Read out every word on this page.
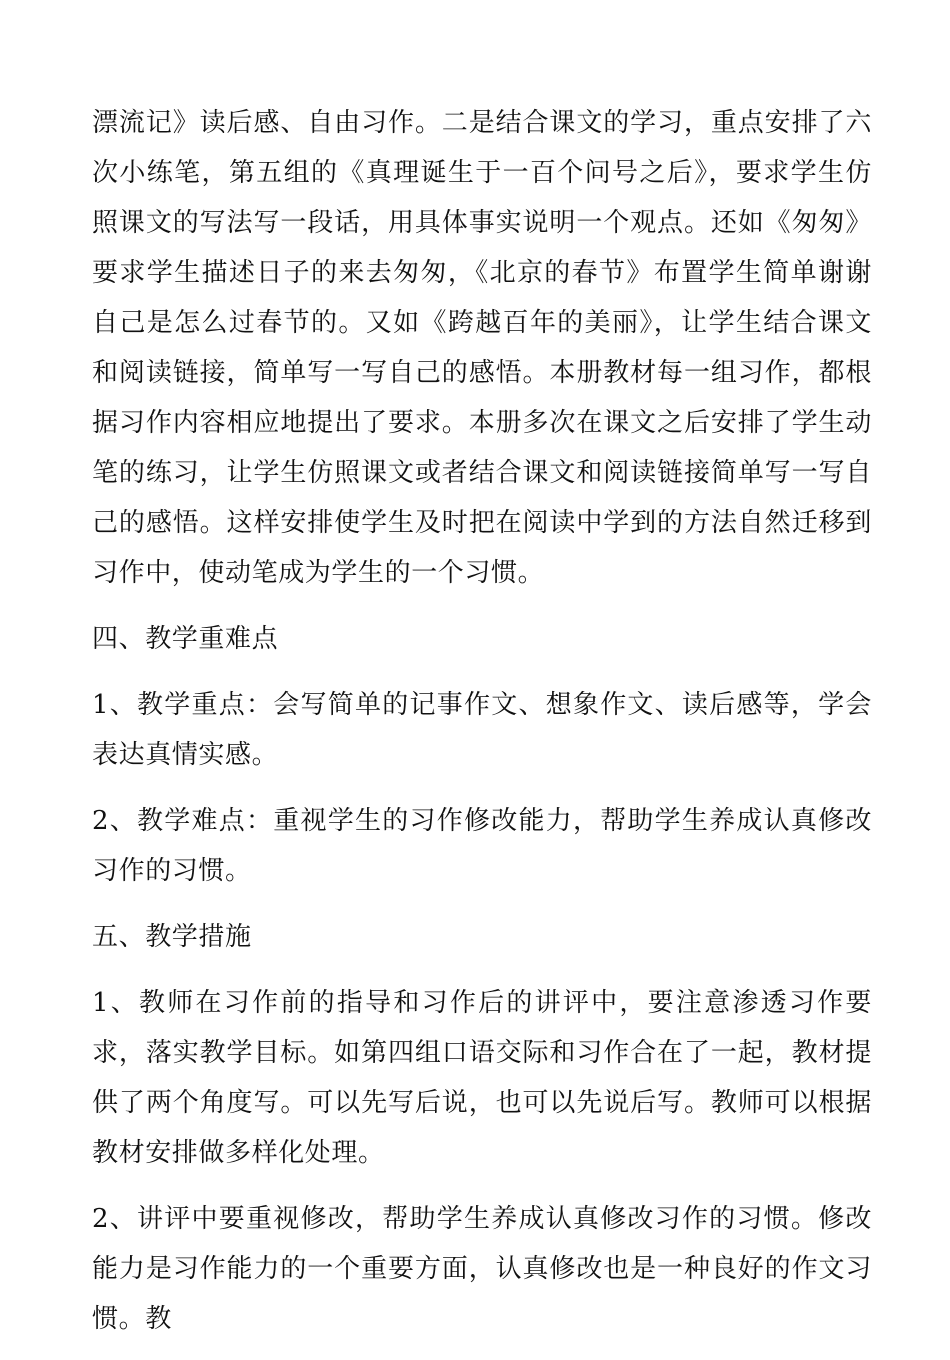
漂流记》读后感、自由习作。二是结合课文的学习，重点安排了六次小练笔，第五组的《真理诞生于一百个问号之后》，要求学生仿照课文的写法写一段话，用具体事实说明一个观点。还如《匆匆》要求学生描述日子的来去匆匆，《北京的春节》布置学生简单谢谢自己是怎么过春节的。又如《跨越百年的美丽》，让学生结合课文和阅读链接，简单写一写自己的感悟。本册教材每一组习作，都根据习作内容相应地提出了要求。本册多次在课文之后安排了学生动笔的练习，让学生仿照课文或者结合课文和阅读链接简单写一写自己的感悟。这样安排使学生及时把在阅读中学到的方法自然迁移到习作中，使动笔成为学生的一个习惯。

四、教学重难点

1、教学重点：会写简单的记事作文、想象作文、读后感等，学会表达真情实感。

2、教学难点：重视学生的习作修改能力，帮助学生养成认真修改习作的习惯。

五、教学措施

1、教师在习作前的指导和习作后的讲评中，要注意渗透习作要求，落实教学目标。如第四组口语交际和习作合在了一起，教材提供了两个角度写。可以先写后说，也可以先说后写。教师可以根据教材安排做多样化处理。

2、讲评中要重视修改，帮助学生养成认真修改习作的习惯。修改能力是习作能力的一个重要方面，认真修改也是一种良好的作文习惯。教
